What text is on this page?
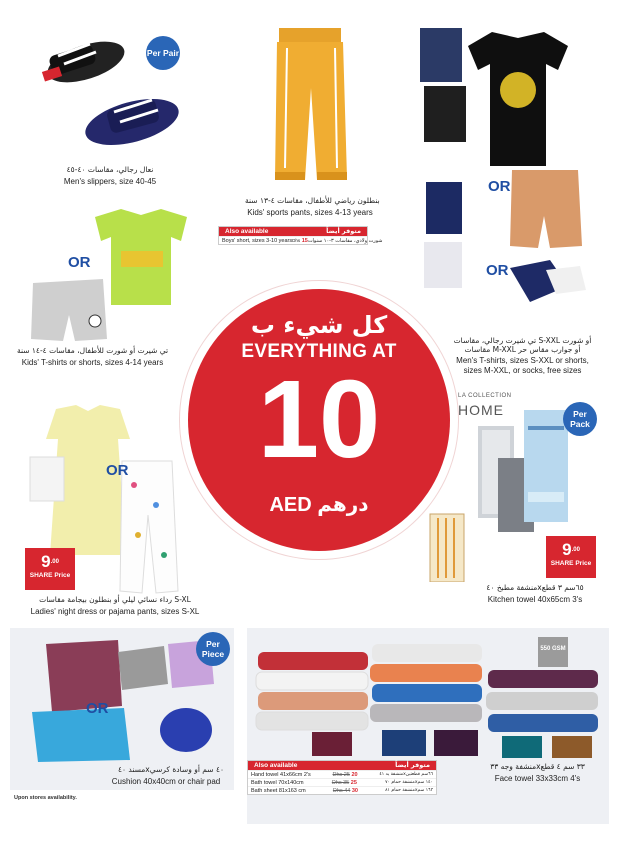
Per Pair
نعال رجالي، مقاسات ٤٠-٤٥
Men's slippers, size 40-45
بنطلون رياضي للأطفال، مقاسات ٤-١٣ سنة
Kids' sports pants, sizes 4-13 years
Also available	متوفر أيضاً
Boys' short, sizes 3-10 years Dhs 15 شورت ولادي، مقاسات ٣-١٠ سنوات
OR
OR
تي شيرت رجالي، مقاسات S-XXL أو شورت مقاسات M-XXL أو جوارب مقاس حر
Men's T-shirts, sizes S-XXL or shorts,
sizes M-XXL, or socks, free sizes
OR
تي شيرت أو شورت للأطفال، مقاسات ٤-١٤ سنة
Kids' T-shirts or shorts, sizes 4-14 years
كل شيء ب
EVERYTHING AT
10
AED درهم
OR
$9^{.00}$
SHARE Price
رداء نسائي ليلي أو بنطلون بيجامة مقاسات S-XL
Ladies' night dress or pajama pants, sizes S-XL
LA COLLECTION
HOME	Per Pack
$9^{.00}$
SHARE Price
منشفة مطبخ ٤٠x٦٥سم ٣ قطع
Kitchen towel 40x65cm 3's
OR
Per Piece
مسند ٤٠x٤٠ سم أو وسادة كرسي
Cushion 40x40cm or chair pad
550 GSM
Also available	متوفر أيضاً
Hand towel 41x66cm 2's	Dhs 25 20	منشفة يد ٤١x٦٦سم قطعتين
Bath towel 70x140cm	Dhs 35 25	منشفة حمام ٧٠x١٤٠ سم
Bath sheet 81x163 cm	Dhs 44 30	منشفة حمام ٨١x١٦٣ سم
منشفة وجه ٣٣x٣٣ سم ٤ قطع
Face towel 33x33cm 4's
Upon stores availability.
